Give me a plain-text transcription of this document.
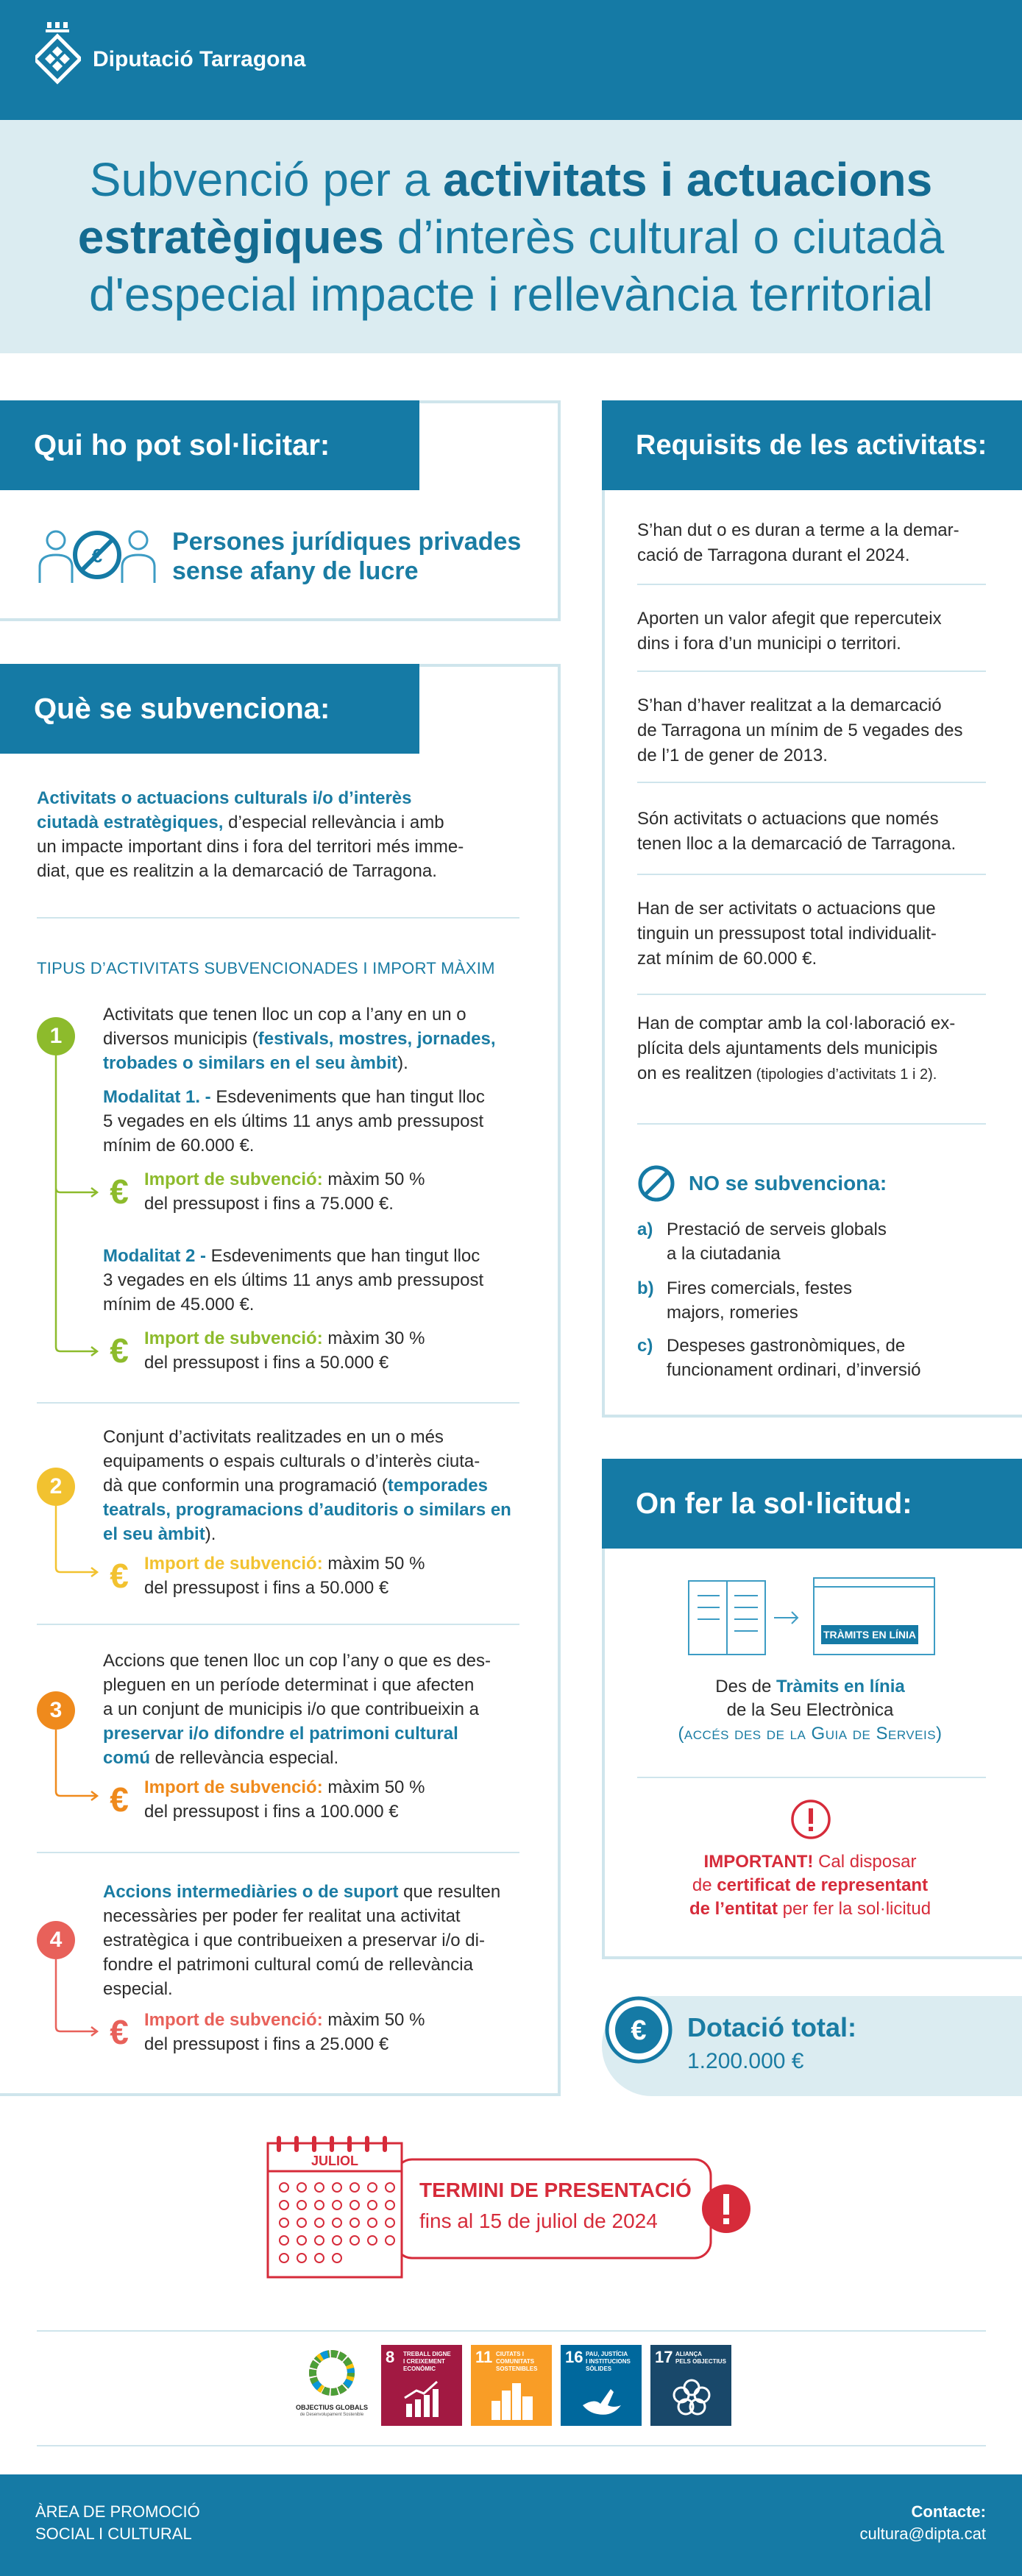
Diputació Tarragona
Subvenció per a activitats i actuacions
estratègiques d’interès cultural o ciutadà
d'especial impacte i rellevància territorial
Qui ho pot sol·licitar:
€	Persones jurídiques privades
sense afany de lucre
Què se subvenciona:
Activitats o actuacions culturals i/o d’interès
ciutadà estratègiques, d’especial rellevància i amb
un impacte important dins i fora del territori més imme-
diat, que es realitzin a la demarcació de Tarragona.
TIPUS D’ACTIVITATS SUBVENCIONADES I IMPORT MÀXIM
1
Activitats que tenen lloc un cop a l’any en un o
diversos municipis (festivals, mostres, jornades,
trobades o similars en el seu àmbit).
Modalitat 1. - Esdeveniments que han tingut lloc
5 vegades en els últims 11 anys amb pressupost
mínim de 60.000 €.
€ Import de subvenció: màxim 50 %
del pressupost i fins a 75.000 €.
Modalitat 2 - Esdeveniments que han tingut lloc
3 vegades en els últims 11 anys amb pressupost
mínim de 45.000 €.
€ Import de subvenció: màxim 30 %
del pressupost i fins a 50.000 €
2
Conjunt d’activitats realitzades en un o més
equipaments o espais culturals o d’interès ciuta-
dà que conformin una programació (temporades
teatrals, programacions d’auditoris o similars en
el seu àmbit).
€ Import de subvenció: màxim 50 %
del pressupost i fins a 50.000 €
3
Accions que tenen lloc un cop l’any o que es des-
pleguen en un període determinat i que afecten
a un conjunt de municipis i/o que contribueixin a
preservar i/o difondre el patrimoni cultural
comú de rellevància especial.
€ Import de subvenció: màxim 50 %
del pressupost i fins a 100.000 €
4
Accions intermediàries o de suport que resulten
necessàries per poder fer realitat una activitat
estratègica i que contribueixen a preservar i/o di-
fondre el patrimoni cultural comú de rellevància
especial.
€ Import de subvenció: màxim 50 %
del pressupost i fins a 25.000 €
Requisits de les activitats:
S’han dut o es duran a terme a la demar-
cació de Tarragona durant el 2024.
Aporten un valor afegit que repercuteix
dins i fora d’un municipi o territori.
S’han d’haver realitzat a la demarcació
de Tarragona un mínim de 5 vegades des
de l’1 de gener de 2013.
Són activitats o actuacions que només
tenen lloc a la demarcació de Tarragona.
Han de ser activitats o actuacions que
tinguin un pressupost total individualit-
zat mínim de 60.000 €.
Han de comptar amb la col·laboració ex-
plícita dels ajuntaments dels municipis
on es realitzen (tipologies d’activitats 1 i 2).
NO se subvenciona:
a) Prestació de serveis globals
a la ciutadania
b) Fires comercials, festes
majors, romeries
c) Despeses gastronòmiques, de
funcionament ordinari, d’inversió
On fer la sol·licitud:
TRÀMITS EN LÍNIA
Des de Tràmits en línia
de la Seu Electrònica
(accés des de la Guia de Serveis)
IMPORTANT! Cal disposar
de certificat de representant
de l’entitat per fer la sol·licitud
€ Dotació total:
1.200.000 €
JULIOL
TERMINI DE PRESENTACIÓ
fins al 15 de juliol de 2024
OBJECTIUS GLOBALS
de Desenvolupament Sostenible
8 TREBALL DIGNE
I CREIXEMENT
ECONÒMIC
11 CIUTATS I
COMUNITATS
SOSTENIBLES
16 PAU, JUSTÍCIA
I INSTITUCIONS
SÒLIDES
17 ALIANÇA
PELS OBJECTIUS
ÀREA DE PROMOCIÓ
SOCIAL I CULTURAL
Contacte:
cultura@dipta.cat
